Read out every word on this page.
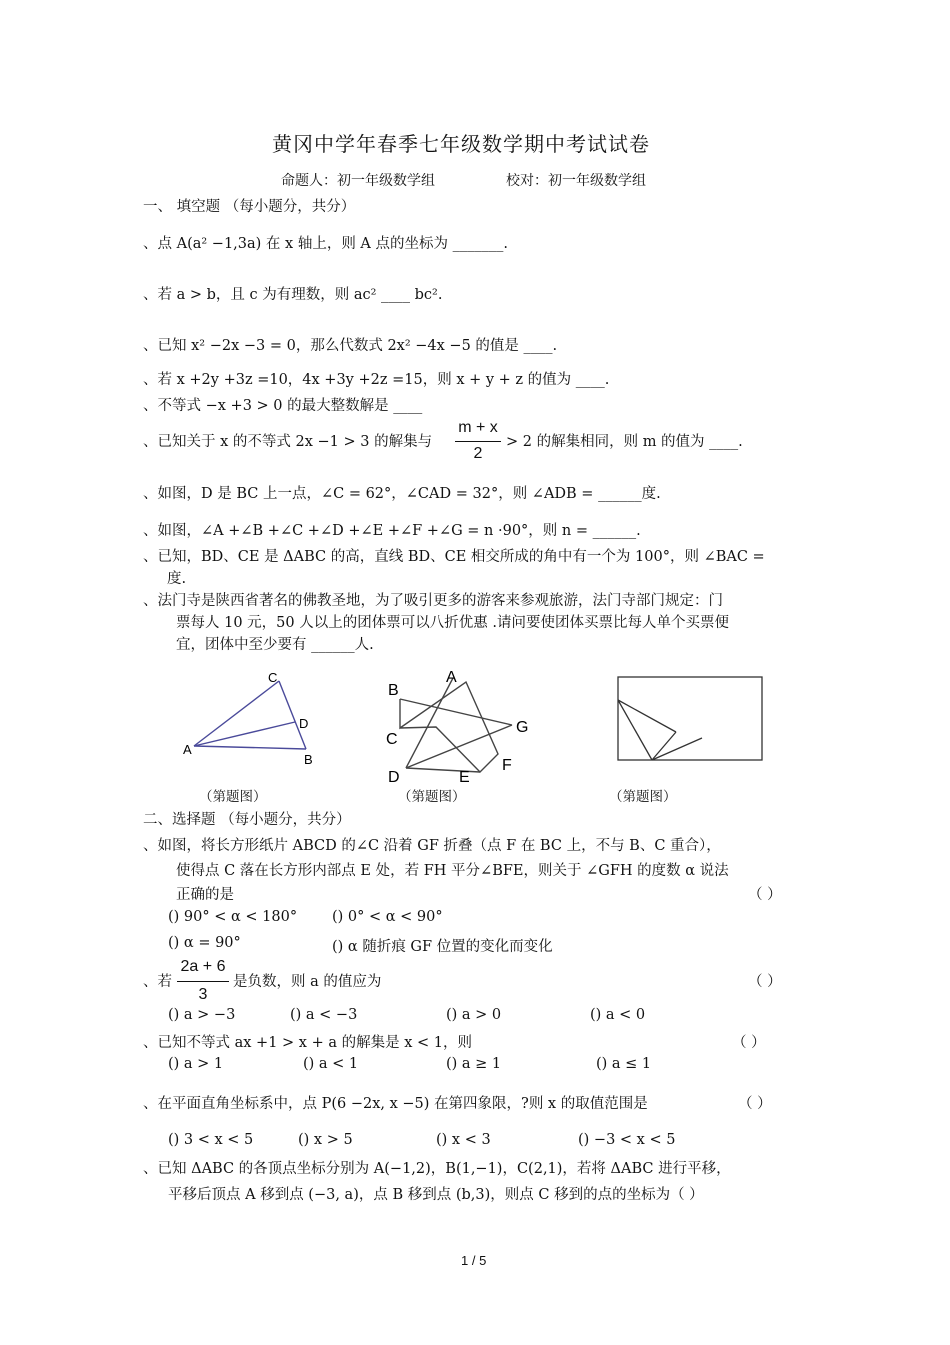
黄冈中学年春季七年级数学期中考试试卷
命题人：初一年级数学组	校对：初一年级数学组
一、 填空题 （每小题分，共分）
、点 A(a² −1,3a) 在 x 轴上，则 A 点的坐标为 _______.
、若 a > b，且 c 为有理数，则 ac² ____ bc².
、已知 x² −2x −3 = 0，那么代数式 2x² −4x −5 的值是 ____.
、若 x +2y +3z =10，4x +3y +2z =15，则 x + y + z 的值为 ____.
、不等式 −x +3 > 0 的最大整数解是 ____
、已知关于 x 的不等式 2x −1 > 3 的解集与
m + x
2
> 2 的解集相同，则 m 的值为 ____.
、如图，D 是 BC 上一点，∠C = 62°，∠CAD = 32°，则 ∠ADB = ______度.
、如图，∠A +∠B +∠C +∠D +∠E +∠F +∠G = n ·90°，则 n = ______.
、已知，BD、CE 是 ΔABC 的高，直线 BD、CE 相交所成的角中有一个为 100°，则 ∠BAC =
度.
、法门寺是陕西省著名的佛教圣地，为了吸引更多的游客来参观旅游，法门寺部门规定：门
票每人 10 元，50 人以上的团体票可以八折优惠 .请问要使团体买票比每人单个买票便
宜，团体中至少要有 ______人.
C
D
A
B
A
B
G
C
F
D	E
（第题图）	（第题图）	（第题图）
二、选择题 （每小题分，共分）
、如图，将长方形纸片 ABCD 的∠C 沿着 GF 折叠（点 F 在 BC 上，不与 B、C 重合），
使得点 C 落在长方形内部点 E 处，若 FH 平分∠BFE，则关于 ∠GFH 的度数 α 说法
正确的是	（ ）
() 90° < α < 180° () 0° < α < 90°
() α = 90°	() α 随折痕 GF 位置的变化而变化
、若
2a + 6
3
是负数，则 a 的值应为	（ ）
() a > −3	() a < −3	() a > 0	() a < 0
、已知不等式 ax +1 > x + a 的解集是 x < 1，则	（ ）
() a > 1	() a < 1	() a ≥ 1	() a ≤ 1
、在平面直角坐标系中，点 P(6 −2x, x −5) 在第四象限，?则 x 的取值范围是	（ ）
() 3 < x < 5	() x > 5	() x < 3	() −3 < x < 5
、已知 ΔABC 的各顶点坐标分别为 A(−1,2)，B(1,−1)，C(2,1)，若将 ΔABC 进行平移，
平移后顶点 A 移到点 (−3, a)，点 B 移到点 (b,3)，则点 C 移到的点的坐标为（ ）
1 / 5
